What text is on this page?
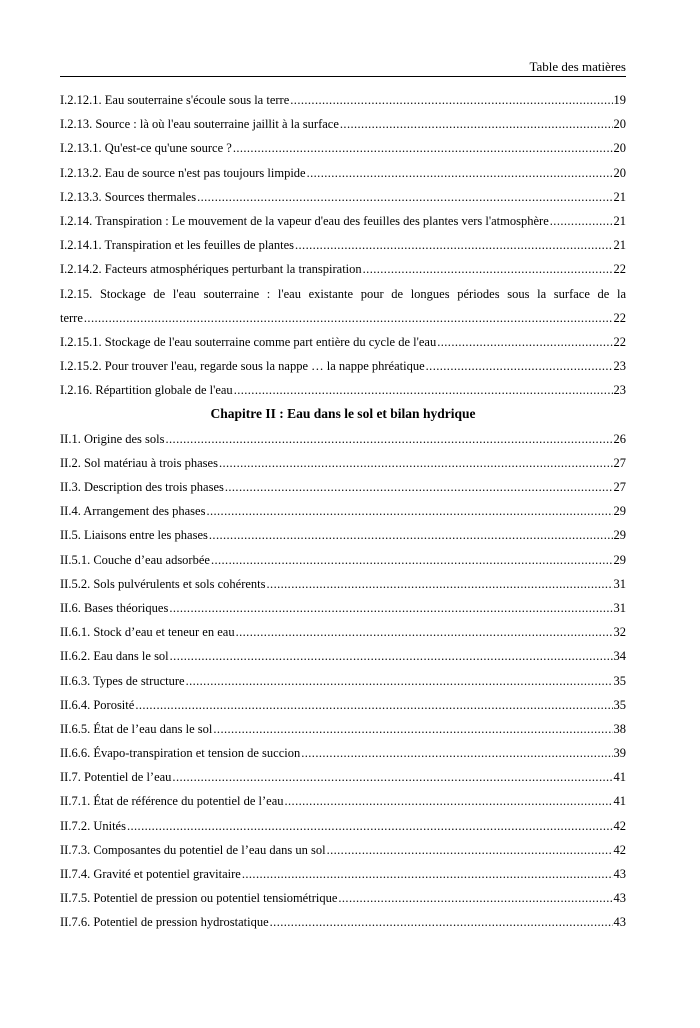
Table des matières
I.2.12.1. Eau souterraine s'écoule sous la terre .....	19
I.2.13. Source : là où l'eau souterraine jaillit à la surface .....	20
I.2.13.1. Qu'est-ce qu'une source ? .....	20
I.2.13.2. Eau de source n'est pas toujours limpide .....	20
I.2.13.3. Sources thermales .....	21
I.2.14. Transpiration : Le mouvement de la vapeur d'eau des feuilles des plantes vers l'atmosphère .....	21
I.2.14.1. Transpiration et les feuilles de plantes .....	21
I.2.14.2. Facteurs atmosphériques perturbant la transpiration .....	22
I.2.15. Stockage de l'eau souterraine : l'eau existante pour de longues périodes sous la surface de la
terre .....	22
I.2.15.1. Stockage de l'eau souterraine comme part entière du cycle de l'eau .....	22
I.2.15.2. Pour trouver l'eau, regarde sous la nappe … la nappe phréatique .....	23
I.2.16. Répartition globale de l'eau .....	23
Chapitre II : Eau dans le sol et bilan hydrique
II.1. Origine des sols .....	26
II.2. Sol matériau à trois phases .....	27
II.3. Description des trois phases .....	27
II.4. Arrangement des phases .....	29
II.5. Liaisons entre les phases .....	29
II.5.1. Couche d’eau adsorbée .....	29
II.5.2. Sols pulvérulents et sols cohérents .....	31
II.6. Bases théoriques .....	31
II.6.1. Stock d’eau et teneur en eau .....	32
II.6.2. Eau dans le sol .....	34
II.6.3. Types de structure .....	35
II.6.4. Porosité .....	35
II.6.5. État de l’eau dans le sol .....	38
II.6.6. Évapo-transpiration et tension de succion .....	39
II.7. Potentiel de l’eau .....	41
II.7.1. État de référence du potentiel de l’eau .....	41
II.7.2. Unités .....	42
II.7.3. Composantes du potentiel de l’eau dans un sol .....	42
II.7.4. Gravité et potentiel gravitaire .....	43
II.7.5. Potentiel de pression ou potentiel tensiométrique .....	43
II.7.6. Potentiel de pression hydrostatique .....	43
